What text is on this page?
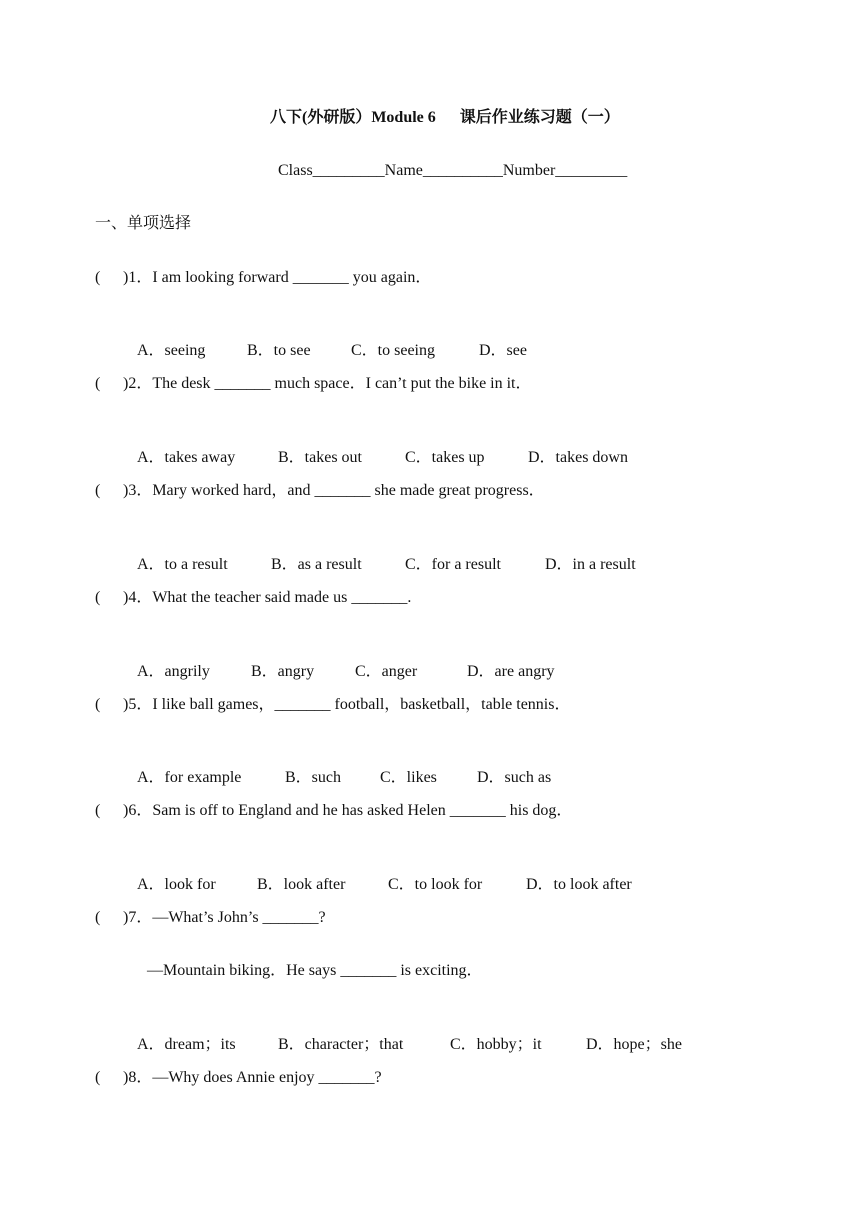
八下(外研版）Module 6      课后作业练习题（一）
Class_________Name__________Number_________
一、单项选择
(	)1．I am looking forward _______ you again．

A．seeing	B．to see	C．to seeing	D．see

(	)2．The desk _______ much space．I can’t put the bike in it．

A．takes away	B．takes out	C．takes up	D．takes down

(	)3．Mary worked hard，and _______ she made great progress．

A．to a result	B．as a result	C．for a result	D．in a result

(	)4．What the teacher said made us _______.

A．angrily	B．angry	C．anger	D．are angry

(	)5．I like ball games，_______ football，basketball，table tennis．

A．for example	B．such C．likes	D．such as

(	)6．Sam is off to England and he has asked Helen _______ his dog．

A．look for	B．look after	C．to look for	D．to look after

(	)7．—What’s John’s _______?
—Mountain biking．He says _______ is exciting．

A．dream；its	B．character；that	C．hobby；it	D．hope；she

(	)8．—Why does Annie enjoy _______?
